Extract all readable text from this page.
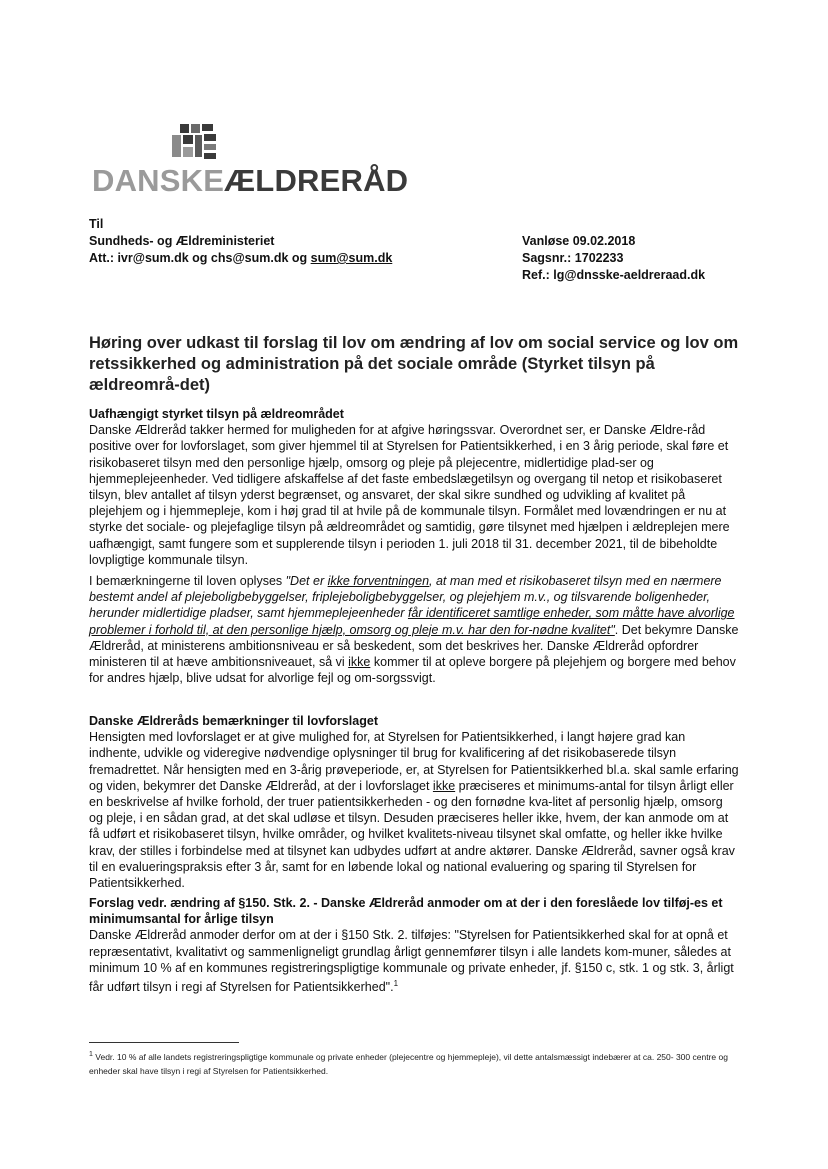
DANSKEÆLDRERÅD
Til
Sundheds- og Ældreministeriet
Att.: ivr@sum.dk og chs@sum.dk og sum@sum.dk
Vanløse 09.02.2018
Sagsnr.: 1702233
Ref.: lg@dnsske-aeldreraad.dk
Høring over udkast til forslag til lov om ændring af lov om social service og lov om retssikkerhed og administration på det sociale område (Styrket tilsyn på ældreområ-det)

Uafhængigt styrket tilsyn på ældreområdet

Danske Ældreråd takker hermed for muligheden for at afgive høringssvar. Overordnet ser, er Danske Ældre-råd positive over for lovforslaget, som giver hjemmel til at Styrelsen for Patientsikkerhed, i en 3 årig periode, skal føre et risikobaseret tilsyn med den personlige hjælp, omsorg og pleje på plejecentre, midlertidige plad-ser og hjemmeplejeenheder. Ved tidligere afskaffelse af det faste embedslægetilsyn og overgang til netop et risikobaseret tilsyn, blev antallet af tilsyn yderst begrænset, og ansvaret, der skal sikre sundhed og udvikling af kvalitet på plejehjem og i hjemmepleje, kom i høj grad til at hvile på de kommunale tilsyn. Formålet med lovændringen er nu at styrke det sociale- og plejefaglige tilsyn på ældreområdet og samtidig, gøre tilsynet med hjælpen i ældreplejen mere uafhængigt, samt fungere som et supplerende tilsyn i perioden 1. juli 2018 til 31. december 2021, til de bibeholdte lovpligtige kommunale tilsyn.

I bemærkningerne til loven oplyses "Det er ikke forventningen, at man med et risikobaseret tilsyn med en nærmere bestemt andel af plejeboligbebyggelser, friplejeboligbebyggelser, og plejehjem m.v., og tilsvarende boligenheder, herunder midlertidige pladser, samt hjemmeplejeenheder får identificeret samtlige enheder, som måtte have alvorlige problemer i forhold til, at den personlige hjælp, omsorg og pleje m.v. har den for-nødne kvalitet". Det bekymre Danske Ældreråd, at ministerens ambitionsniveau er så beskedent, som det beskrives her. Danske Ældreråd opfordrer ministeren til at hæve ambitionsniveauet, så vi ikke kommer til at opleve borgere på plejehjem og borgere med behov for andres hjælp, blive udsat for alvorlige fejl og om-sorgssvigt.

Danske Ældreråds bemærkninger til lovforslaget

Hensigten med lovforslaget er at give mulighed for, at Styrelsen for Patientsikkerhed, i langt højere grad kan indhente, udvikle og videregive nødvendige oplysninger til brug for kvalificering af det risikobaserede tilsyn fremadrettet. Når hensigten med en 3-årig prøveperiode, er, at Styrelsen for Patientsikkerhed bl.a. skal samle erfaring og viden, bekymrer det Danske Ældreråd, at der i lovforslaget ikke præciseres et minimums-antal for tilsyn årligt eller en beskrivelse af hvilke forhold, der truer patientsikkerheden - og den fornødne kva-litet af personlig hjælp, omsorg og pleje, i en sådan grad, at det skal udløse et tilsyn. Desuden præciseres heller ikke, hvem, der kan anmode om at få udført et risikobaseret tilsyn, hvilke områder, og hvilket kvalitets-niveau tilsynet skal omfatte, og heller ikke hvilke krav, der stilles i forbindelse med at tilsynet kan udbydes udført at andre aktører. Danske Ældreråd, savner også krav til en evalueringspraksis efter 3 år, samt for en løbende lokal og national evaluering og sparing til Styrelsen for Patientsikkerhed.

Forslag vedr. ændring af §150. Stk. 2. - Danske Ældreråd anmoder om at der i den foreslåede lov tilføj-es et minimumsantal for årlige tilsyn

Danske Ældreråd anmoder derfor om at der i §150 Stk. 2. tilføjes: "Styrelsen for Patientsikkerhed skal for at opnå et repræsentativt, kvalitativt og sammenligneligt grundlag årligt gennemfører tilsyn i alle landets kom-muner, således at minimum 10 % af en kommunes registreringspligtige kommunale og private enheder, jf. §150 c, stk. 1 og stk. 3, årligt får udført tilsyn i regi af Styrelsen for Patientsikkerhed".$^1$

$^1$ Vedr. 10 % af alle landets registreringspligtige kommunale og private enheder (plejecentre og hjemmepleje), vil dette antalsmæssigt indebærer at ca. 250- 300 centre og enheder skal have tilsyn i regi af Styrelsen for Patientsikkerhed.
